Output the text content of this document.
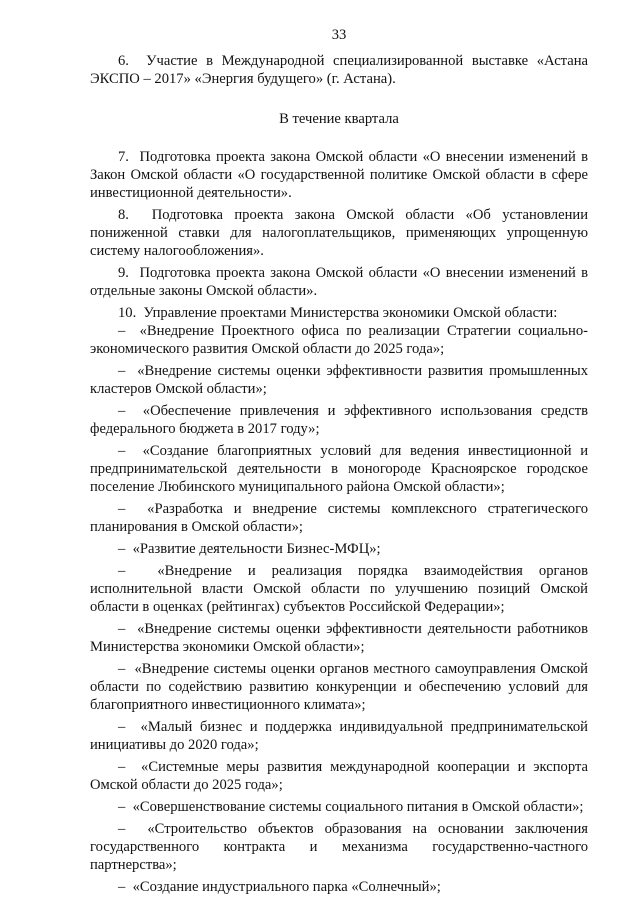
33

6.  Участие в Международной специализированной выставке «Астана ЭКСПО – 2017» «Энергия будущего» (г. Астана).

В течение квартала

7.  Подготовка проекта закона Омской области «О внесении изменений в Закон Омской области «О государственной политике Омской области в сфере инвестиционной деятельности».

8.  Подготовка проекта закона Омской области «Об установлении пониженной ставки для налогоплательщиков, применяющих упрощенную систему налогообложения».

9.  Подготовка проекта закона Омской области «О внесении изменений в отдельные законы Омской области».

10.  Управление проектами Министерства экономики Омской области:

–  «Внедрение Проектного офиса по реализации Стратегии социально-экономического развития Омской области до 2025 года»;

–  «Внедрение системы оценки эффективности развития промышленных кластеров Омской области»;

–  «Обеспечение привлечения и эффективного использования средств федерального бюджета в 2017 году»;

–  «Создание благоприятных условий для ведения инвестиционной и предпринимательской деятельности в моногороде Красноярское городское поселение Любинского муниципального района Омской области»;

–  «Разработка и внедрение системы комплексного стратегического планирования в Омской области»;

–  «Развитие деятельности Бизнес-МФЦ»;

–  «Внедрение и реализация порядка взаимодействия органов исполнительной власти Омской области по улучшению позиций Омской области в оценках (рейтингах) субъектов Российской Федерации»;

–  «Внедрение системы оценки эффективности деятельности работников Министерства экономики Омской области»;

–  «Внедрение системы оценки органов местного самоуправления Омской области по содействию развитию конкуренции и обеспечению условий для благоприятного инвестиционного климата»;

–  «Малый бизнес и поддержка индивидуальной предпринимательской инициативы до 2020 года»;

–  «Системные меры развития международной кооперации и экспорта Омской области до 2025 года»;

–  «Совершенствование системы социального питания в Омской области»;

–  «Строительство объектов образования на основании заключения государственного контракта и механизма государственно-частного партнерства»;

–  «Создание индустриального парка «Солнечный»;
